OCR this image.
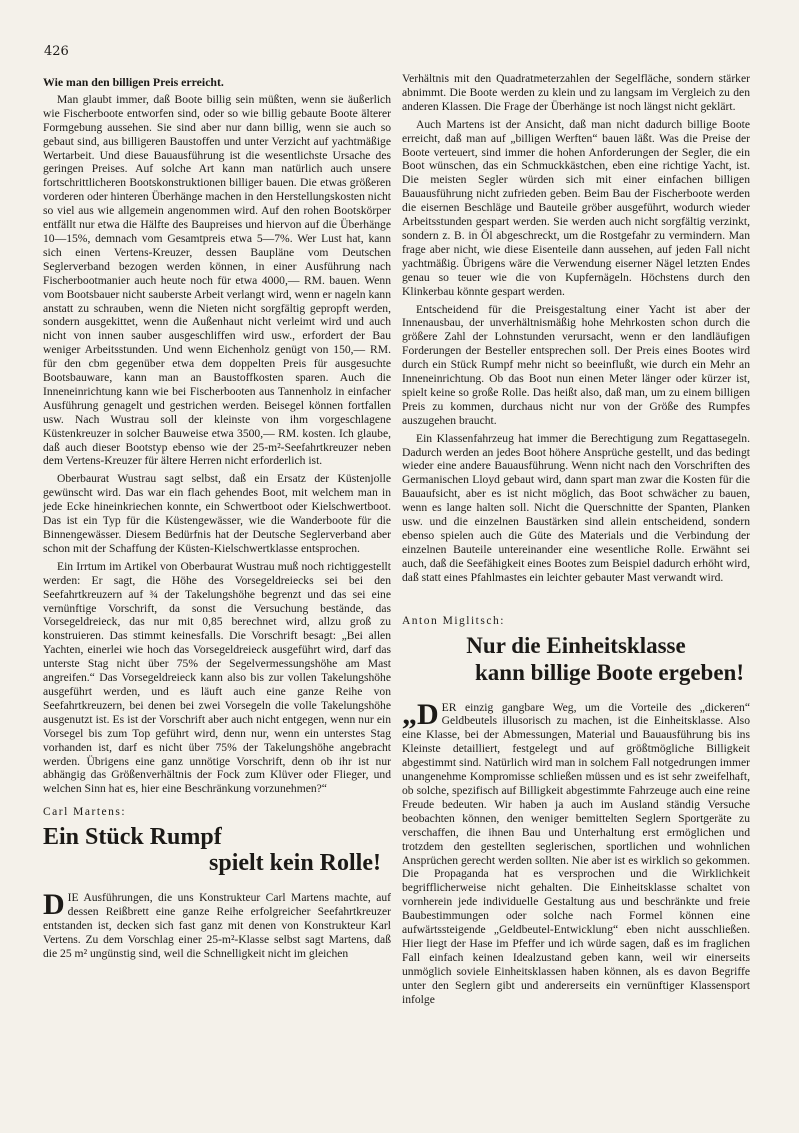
426
Wie man den billigen Preis erreicht.

Man glaubt immer, daß Boote billig sein müßten, wenn sie äußerlich wie Fischerboote entworfen sind, oder so wie billig gebaute Boote älterer Formgebung aussehen. Sie sind aber nur dann billig, wenn sie auch so gebaut sind, aus billigeren Baustoffen und unter Verzicht auf yachtmäßige Wertarbeit. Und diese Bauausführung ist die wesentlichste Ursache des geringen Preises. Auf solche Art kann man natürlich auch unsere fortschrittlicheren Bootskonstruktionen billiger bauen. Die etwas größeren vorderen oder hinteren Überhänge machen in den Herstellungskosten nicht so viel aus wie allgemein angenommen wird. Auf den rohen Bootskörper entfällt nur etwa die Hälfte des Baupreises und hiervon auf die Überhänge 10—15%, demnach vom Gesamtpreis etwa 5—7%. Wer Lust hat, kann sich einen Vertens-Kreuzer, dessen Baupläne vom Deutschen Seglerverband bezogen werden können, in einer Ausführung nach Fischerbootmanier auch heute noch für etwa 4000,— RM. bauen. Wenn vom Bootsbauer nicht sauberste Arbeit verlangt wird, wenn er nageln kann anstatt zu schrauben, wenn die Nieten nicht sorgfältig gepropft werden, sondern ausgekittet, wenn die Außenhaut nicht verleimt wird und auch nicht von innen sauber ausgeschliffen wird usw., erfordert der Bau weniger Arbeitsstunden. Und wenn Eichenholz genügt von 150,— RM. für den cbm gegenüber etwa dem doppelten Preis für ausgesuchte Bootsbauware, kann man an Baustoffkosten sparen. Auch die Inneneinrichtung kann wie bei Fischerbooten aus Tannenholz in einfacher Ausführung genagelt und gestrichen werden. Beisegel können fortfallen usw. Nach Wustrau soll der kleinste von ihm vorgeschlagene Küstenkreuzer in solcher Bauweise etwa 3500,— RM. kosten. Ich glaube, daß auch dieser Bootstyp ebenso wie der 25-m²-Seefahrtkreuzer neben dem Vertens-Kreuzer für ältere Herren nicht erforderlich ist.

Oberbaurat Wustrau sagt selbst, daß ein Ersatz der Küstenjolle gewünscht wird. Das war ein flach gehendes Boot, mit welchem man in jede Ecke hineinkriechen konnte, ein Schwertboot oder Kielschwertboot. Das ist ein Typ für die Küstengewässer, wie die Wanderboote für die Binnengewässer. Diesem Bedürfnis hat der Deutsche Seglerverband aber schon mit der Schaffung der Küsten-Kielschwertklasse entsprochen.

Ein Irrtum im Artikel von Oberbaurat Wustrau muß noch richtiggestellt werden: Er sagt, die Höhe des Vorsegeldreiecks sei bei den Seefahrtkreuzern auf ¾ der Takelungshöhe begrenzt und das sei eine vernünftige Vorschrift, da sonst die Versuchung bestände, das Vorsegeldreieck, das nur mit 0,85 berechnet wird, allzu groß zu konstruieren. Das stimmt keinesfalls. Die Vorschrift besagt: „Bei allen Yachten, einerlei wie hoch das Vorsegeldreieck ausgeführt wird, darf das unterste Stag nicht über 75% der Segelvermessungshöhe am Mast angreifen.“ Das Vorsegeldreieck kann also bis zur vollen Takelungshöhe ausgeführt werden, und es läuft auch eine ganze Reihe von Seefahrtkreuzern, bei denen bei zwei Vorsegeln die volle Takelungshöhe ausgenutzt ist. Es ist der Vorschrift aber auch nicht entgegen, wenn nur ein Vorsegel bis zum Top geführt wird, denn nur, wenn ein unterstes Stag vorhanden ist, darf es nicht über 75% der Takelungshöhe angebracht werden. Übrigens eine ganz unnötige Vorschrift, denn ob ihr ist nur abhängig das Größenverhältnis der Fock zum Klüver oder Flieger, und welchen Sinn hat es, hier eine Beschränkung vorzunehmen?“

Carl Martens:
Ein Stück Rumpf
spielt kein Rolle!

DIE Ausführungen, die uns Konstrukteur Carl Martens machte, auf dessen Reißbrett eine ganze Reihe erfolgreicher Seefahrtkreuzer entstanden ist, decken sich fast ganz mit denen von Konstrukteur Karl Vertens. Zu dem Vorschlag einer 25-m²-Klasse selbst sagt Martens, daß die 25 m² ungünstig sind, weil die Schnelligkeit nicht im gleichen

Verhältnis mit den Quadratmeterzahlen der Segelfläche, sondern stärker abnimmt. Die Boote werden zu klein und zu langsam im Vergleich zu den anderen Klassen. Die Frage der Überhänge ist noch längst nicht geklärt.

Auch Martens ist der Ansicht, daß man nicht dadurch billige Boote erreicht, daß man auf „billigen Werften“ bauen läßt. Was die Preise der Boote verteuert, sind immer die hohen Anforderungen der Segler, die ein Boot wünschen, das ein Schmuckkästchen, eben eine richtige Yacht, ist. Die meisten Segler würden sich mit einer einfachen billigen Bauausführung nicht zufrieden geben. Beim Bau der Fischerboote werden die eisernen Beschläge und Bauteile gröber ausgeführt, wodurch wieder Arbeitsstunden gespart werden. Sie werden auch nicht sorgfältig verzinkt, sondern z. B. in Öl abgeschreckt, um die Rostgefahr zu vermindern. Man frage aber nicht, wie diese Eisenteile dann aussehen, auf jeden Fall nicht yachtmäßig. Übrigens wäre die Verwendung eiserner Nägel letzten Endes genau so teuer wie die von Kupfernägeln. Höchstens durch den Klinkerbau könnte gespart werden.

Entscheidend für die Preisgestaltung einer Yacht ist aber der Innenausbau, der unverhältnismäßig hohe Mehrkosten schon durch die größere Zahl der Lohnstunden verursacht, wenn er den landläufigen Forderungen der Besteller entsprechen soll. Der Preis eines Bootes wird durch ein Stück Rumpf mehr nicht so beeinflußt, wie durch ein Mehr an Inneneinrichtung. Ob das Boot nun einen Meter länger oder kürzer ist, spielt keine so große Rolle. Das heißt also, daß man, um zu einem billigen Preis zu kommen, durchaus nicht nur von der Größe des Rumpfes auszugehen braucht.

Ein Klassenfahrzeug hat immer die Berechtigung zum Regattasegeln. Dadurch werden an jedes Boot höhere Ansprüche gestellt, und das bedingt wieder eine andere Bauausführung. Wenn nicht nach den Vorschriften des Germanischen Lloyd gebaut wird, dann spart man zwar die Kosten für die Bauaufsicht, aber es ist nicht möglich, das Boot schwächer zu bauen, wenn es lange halten soll. Nicht die Querschnitte der Spanten, Planken usw. und die einzelnen Baustärken sind allein entscheidend, sondern ebenso spielen auch die Güte des Materials und die Verbindung der einzelnen Bauteile untereinander eine wesentliche Rolle. Erwähnt sei auch, daß die Seefähigkeit eines Bootes zum Beispiel dadurch erhöht wird, daß statt eines Pfahlmastes ein leichter gebauter Mast verwandt wird.

Anton Miglitsch:
Nur die Einheitsklasse
kann billige Boote ergeben!

„DER einzig gangbare Weg, um die Vorteile des „dickeren“ Geldbeutels illusorisch zu machen, ist die Einheitsklasse. Also eine Klasse, bei der Abmessungen, Material und Bauausführung bis ins Kleinste detailliert, festgelegt und auf größtmögliche Billigkeit abgestimmt sind. Natürlich wird man in solchem Fall notgedrungen immer unangenehme Kompromisse schließen müssen und es ist sehr zweifelhaft, ob solche, spezifisch auf Billigkeit abgestimmte Fahrzeuge auch eine reine Freude bedeuten. Wir haben ja auch im Ausland ständig Versuche beobachten können, den weniger bemittelten Seglern Sportgeräte zu verschaffen, die ihnen Bau und Unterhaltung erst ermöglichen und trotzdem den gestellten seglerischen, sportlichen und wohnlichen Ansprüchen gerecht werden sollten. Nie aber ist es wirklich so gekommen. Die Propaganda hat es versprochen und die Wirklichkeit begrifflicherweise nicht gehalten. Die Einheitsklasse schaltet von vornherein jede individuelle Gestaltung aus und beschränkte und freie Baubestimmungen oder solche nach Formel können eine aufwärtssteigende „Geldbeutel-Entwicklung“ eben nicht ausschließen. Hier liegt der Hase im Pfeffer und ich würde sagen, daß es im fraglichen Fall einfach keinen Idealzustand geben kann, weil wir einerseits unmöglich soviele Einheitsklassen haben können, als es davon Begriffe unter den Seglern gibt und andererseits ein vernünftiger Klassensport infolge
